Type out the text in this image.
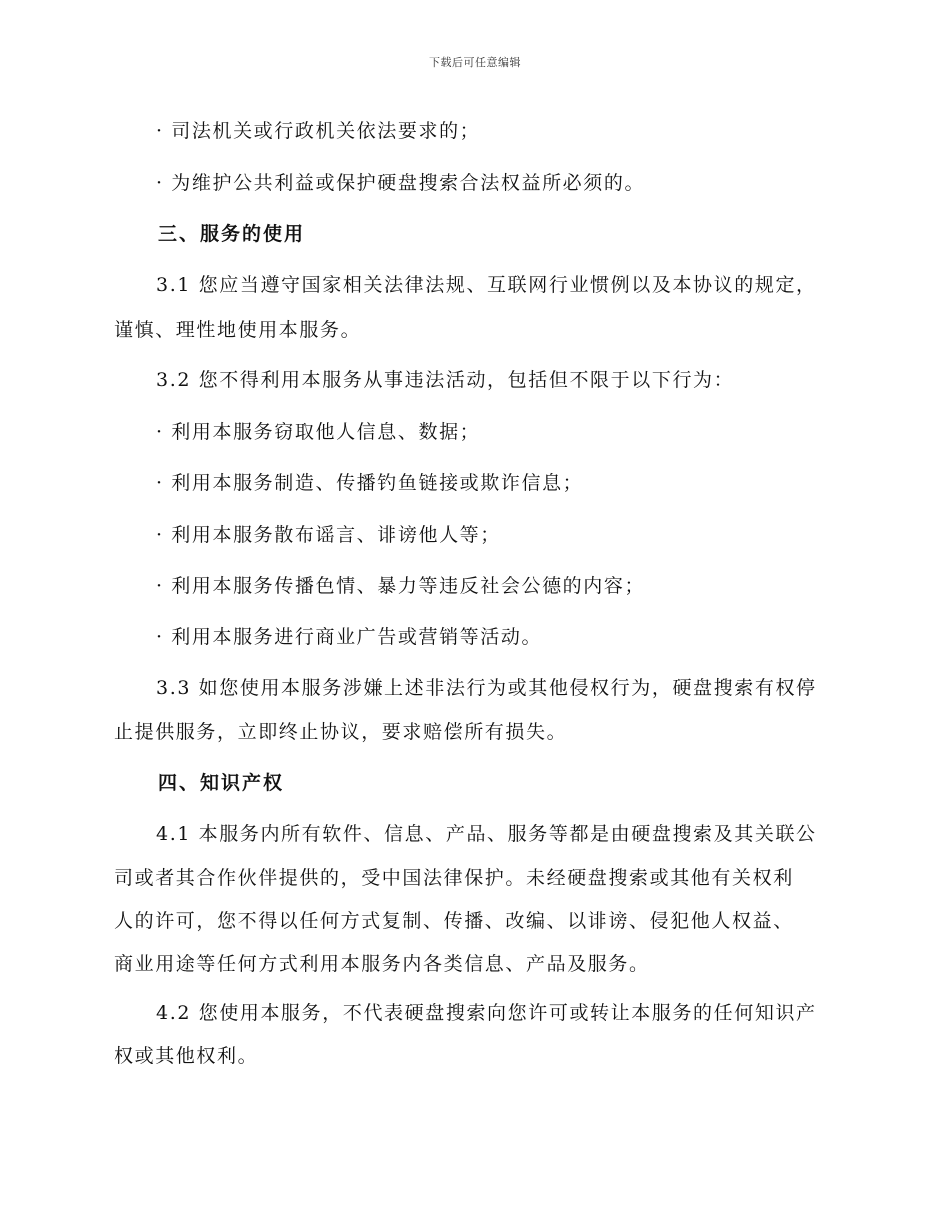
下载后可任意编辑
· 司法机关或行政机关依法要求的；
· 为维护公共利益或保护硬盘搜索合法权益所必须的。
三、服务的使用
3.1 您应当遵守国家相关法律法规、互联网行业惯例以及本协议的规定，
谨慎、理性地使用本服务。
3.2 您不得利用本服务从事违法活动，包括但不限于以下行为：
· 利用本服务窃取他人信息、数据；
· 利用本服务制造、传播钓鱼链接或欺诈信息；
· 利用本服务散布谣言、诽谤他人等；
· 利用本服务传播色情、暴力等违反社会公德的内容；
· 利用本服务进行商业广告或营销等活动。
3.3 如您使用本服务涉嫌上述非法行为或其他侵权行为，硬盘搜索有权停
止提供服务，立即终止协议，要求赔偿所有损失。
四、知识产权
4.1 本服务内所有软件、信息、产品、服务等都是由硬盘搜索及其关联公
司或者其合作伙伴提供的，受中国法律保护。未经硬盘搜索或其他有关权利
人的许可，您不得以任何方式复制、传播、改编、以诽谤、侵犯他人权益、
商业用途等任何方式利用本服务内各类信息、产品及服务。
4.2 您使用本服务，不代表硬盘搜索向您许可或转让本服务的任何知识产
权或其他权利。
